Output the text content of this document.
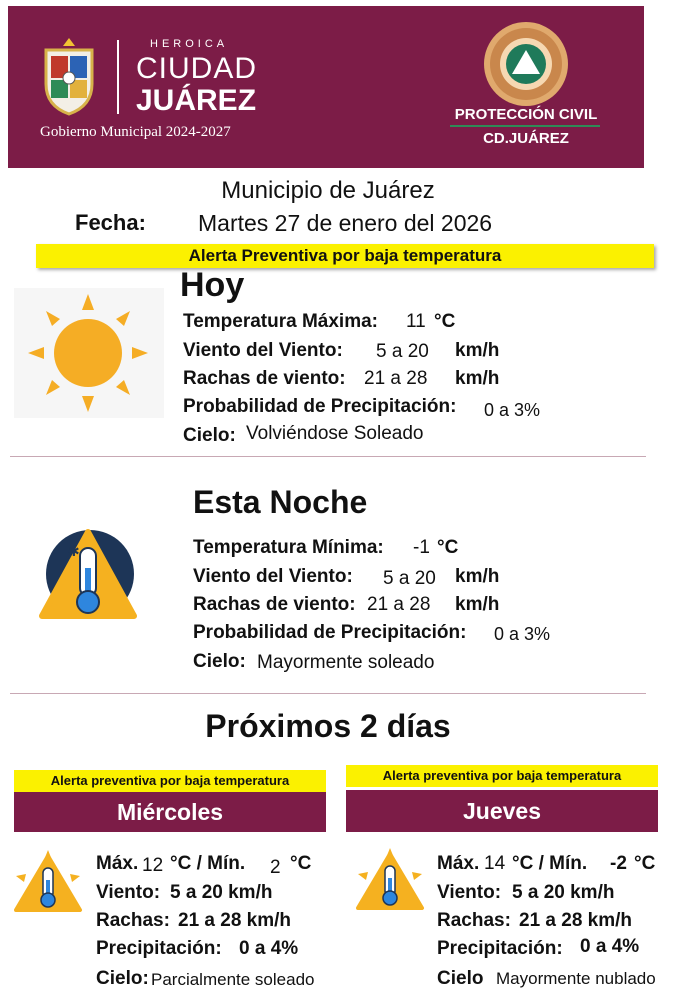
HEROICA
CIUDAD
JUÁREZ
Gobierno Municipal 2024-2027
PROTECCIÓN CIVIL
CD.JUÁREZ
Municipio de Juárez
Fecha: Martes 27 de enero del 2026
Alerta Preventiva por baja temperatura
Hoy
Temperatura Máxima: 11 °C
Viento del Viento: 5 a 20 km/h
Rachas de viento: 21 a 28 km/h
Probabilidad de Precipitación: 0 a 3%
Cielo: Volviéndose Soleado
Esta Noche
✱	Temperatura Mínima: -1 °C
Viento del Viento: 5 a 20 km/h
Rachas de viento: 21 a 28 km/h
Probabilidad de Precipitación: 0 a 3%
Cielo: Mayormente soleado
Próximos 2 días
Alerta preventiva por baja temperatura
Miércoles
Máx. 12 °C / Mín. 2 °C
Viento: 5 a 20 km/h
Rachas: 21 a 28 km/h
Precipitación: 0 a 4%
Cielo: Parcialmente soleado
Alerta preventiva por baja temperatura
Jueves
Máx. 14 °C / Mín. -2 °C
Viento: 5 a 20 km/h
Rachas: 21 a 28 km/h
Precipitación: 0 a 4%
Cielo Mayormente nublado
